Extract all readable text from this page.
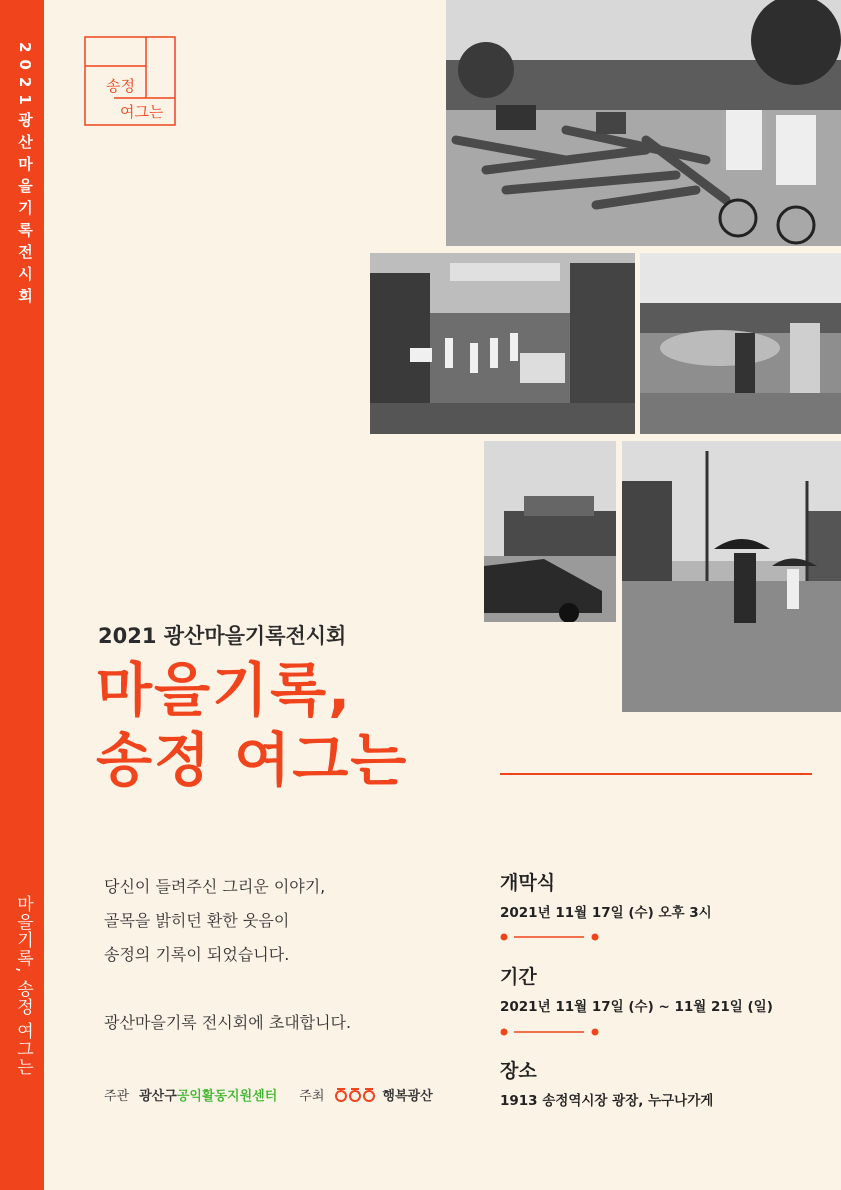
2021광산마을기록전시회
마을기록, 송정 여그는
송정
여그는
2021 광산마을기록전시회
마을기록,
송정 여그는
당신이 들려주신 그리운 이야기,
골목을 밝히던 환한 웃음이
송정의 기록이 되었습니다.
광산마을기록 전시회에 초대합니다.
주관 광산구 공익활동지원센터 주최	행복광산
개막식

2021년 11월 17일 (수) 오후 3시

기간

2021년 11월 17일 (수) ~ 11월 21일 (일)

장소

1913 송정역시장 광장, 누구나가게
